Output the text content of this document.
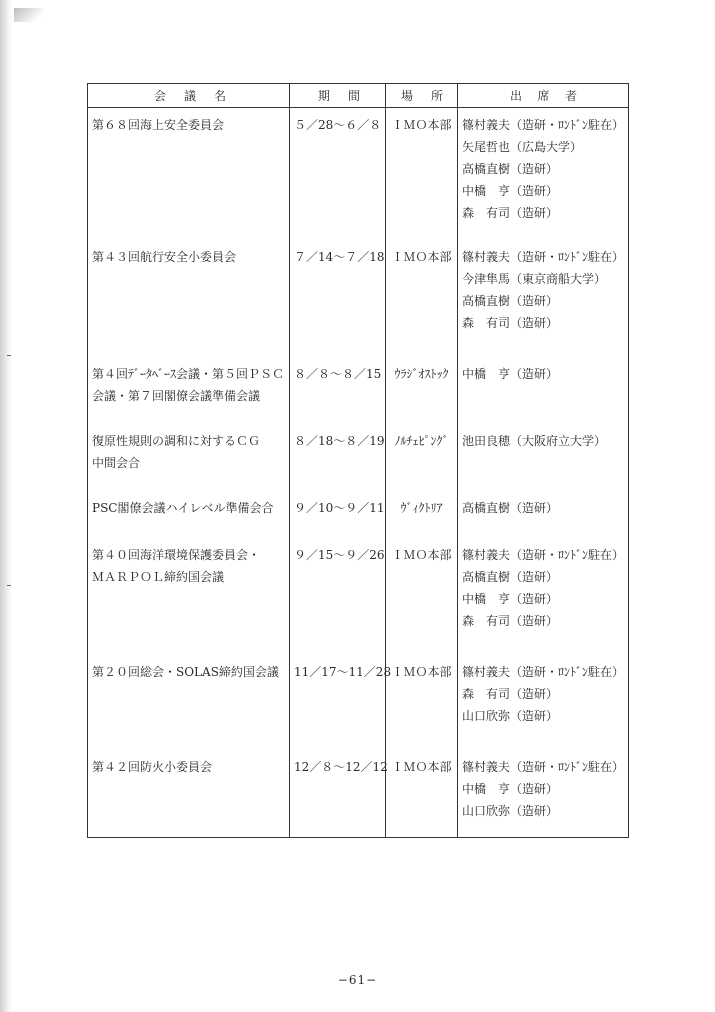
会 議 名	期 間	場 所	出 席 者

第６８回海上安全委員会	５／28〜６／８	ＩＭＯ本部	篠村義夫（造研・ﾛﾝﾄﾞﾝ駐在）
矢尾哲也（広島大学）
高橋直樹（造研）
中橋　亨（造研）
森　有司（造研）

第４３回航行安全小委員会	７／14〜７／18	ＩＭＯ本部	篠村義夫（造研・ﾛﾝﾄﾞﾝ駐在）
今津隼馬（東京商船大学）
高橋直樹（造研）
森　有司（造研）

第４回ﾃﾞｰﾀﾍﾞｰｽ会議・第５回ＰＳＣ
会議・第７回閣僚会議準備会議	８／８〜８／15	ｳﾗｼﾞｵｽﾄｯｸ	中橋　亨（造研）

復原性規則の調和に対するＣＧ
中間会合	８／18〜８／19	ﾉﾙﾁｪﾋﾟﾝｸﾞ	池田良穂（大阪府立大学）

PSC閣僚会議ハイレベル準備会合	９／10〜９／11	ｳﾞｨｸﾄﾘｱ	高橋直樹（造研）

第４０回海洋環境保護委員会・
ＭＡＲＰＯＬ締約国会議	９／15〜９／26	ＩＭＯ本部	篠村義夫（造研・ﾛﾝﾄﾞﾝ駐在）
高橋直樹（造研）
中橋　亨（造研）
森　有司（造研）

第２０回総会・SOLAS締約国会議	11／17〜11／28	ＩＭＯ本部	篠村義夫（造研・ﾛﾝﾄﾞﾝ駐在）
森　有司（造研）
山口欣弥（造研）

第４２回防火小委員会	12／８〜12／12	ＩＭＯ本部	篠村義夫（造研・ﾛﾝﾄﾞﾝ駐在）
中橋　亨（造研）
山口欣弥（造研）
−61−
